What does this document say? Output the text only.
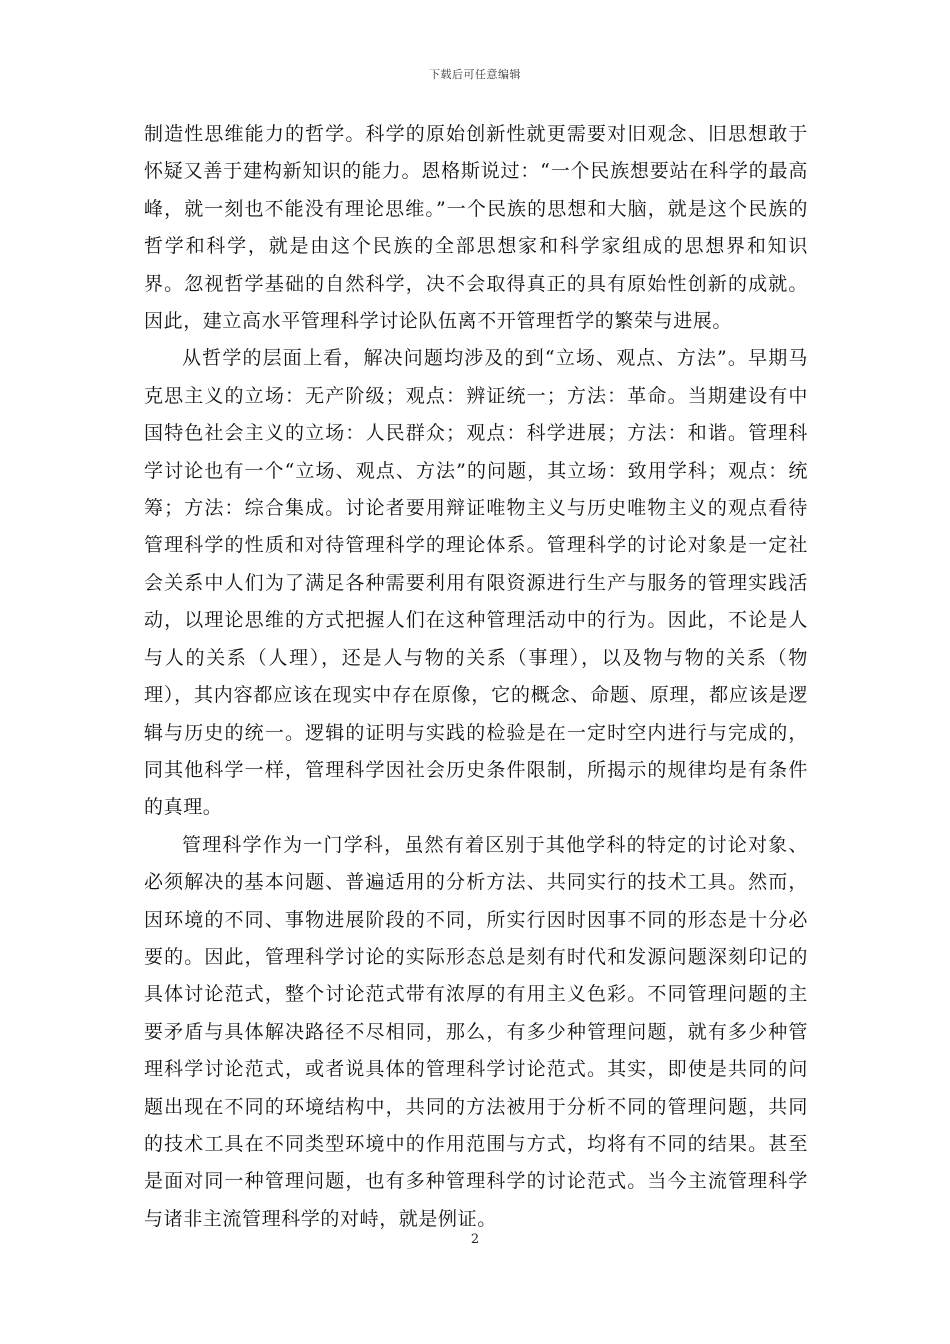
下载后可任意编辑

制造性思维能力的哲学。科学的原始创新性就更需要对旧观念、旧思想敢于怀疑又善于建构新知识的能力。恩格斯说过：“一个民族想要站在科学的最高峰，就一刻也不能没有理论思维。”一个民族的思想和大脑，就是这个民族的哲学和科学，就是由这个民族的全部思想家和科学家组成的思想界和知识界。忽视哲学基础的自然科学，决不会取得真正的具有原始性创新的成就。因此，建立高水平管理科学讨论队伍离不开管理哲学的繁荣与进展。

从哲学的层面上看，解决问题均涉及的到“立场、观点、方法”。早期马克思主义的立场：无产阶级；观点：辨证统一；方法：革命。当期建设有中国特色社会主义的立场：人民群众；观点：科学进展；方法：和谐。管理科学讨论也有一个“立场、观点、方法”的问题，其立场：致用学科；观点：统筹；方法：综合集成。讨论者要用辩证唯物主义与历史唯物主义的观点看待管理科学的性质和对待管理科学的理论体系。管理科学的讨论对象是一定社会关系中人们为了满足各种需要利用有限资源进行生产与服务的管理实践活动，以理论思维的方式把握人们在这种管理活动中的行为。因此，不论是人与人的关系（人理），还是人与物的关系（事理），以及物与物的关系（物理），其内容都应该在现实中存在原像，它的概念、命题、原理，都应该是逻辑与历史的统一。逻辑的证明与实践的检验是在一定时空内进行与完成的，同其他科学一样，管理科学因社会历史条件限制，所揭示的规律均是有条件的真理。

管理科学作为一门学科，虽然有着区别于其他学科的特定的讨论对象、必须解决的基本问题、普遍适用的分析方法、共同实行的技术工具。然而，因环境的不同、事物进展阶段的不同，所实行因时因事不同的形态是十分必要的。因此，管理科学讨论的实际形态总是刻有时代和发源问题深刻印记的具体讨论范式，整个讨论范式带有浓厚的有用主义色彩。不同管理问题的主要矛盾与具体解决路径不尽相同，那么，有多少种管理问题，就有多少种管理科学讨论范式，或者说具体的管理科学讨论范式。其实，即使是共同的问题出现在不同的环境结构中，共同的方法被用于分析不同的管理问题，共同的技术工具在不同类型环境中的作用范围与方式，均将有不同的结果。甚至是面对同一种管理问题，也有多种管理科学的讨论范式。当今主流管理科学与诸非主流管理科学的对峙，就是例证。

2
